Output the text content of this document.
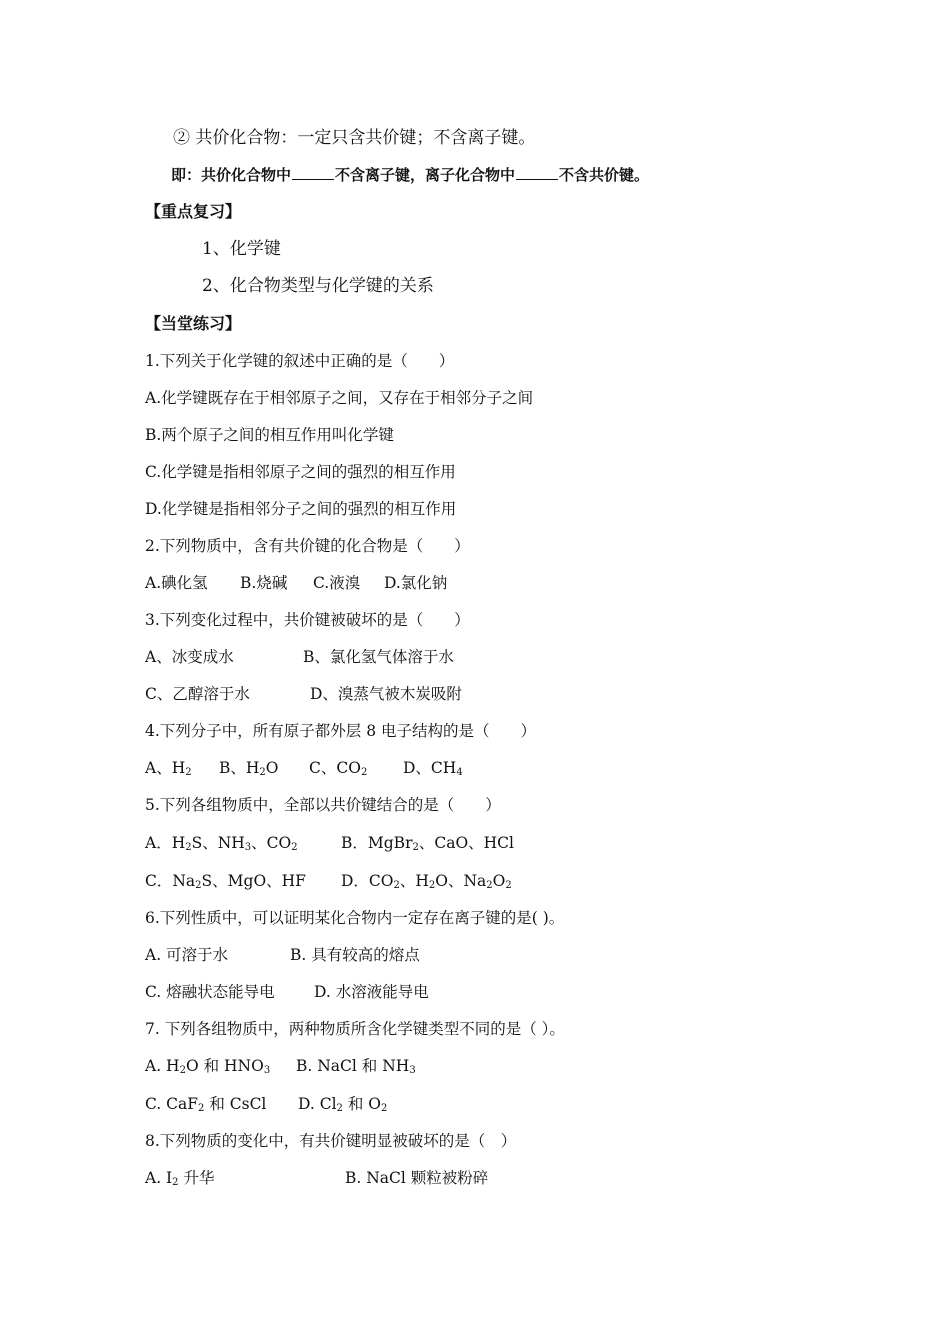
② 共价化合物：一定只含共价键；不含离子键。
即：共价化合物中	不含离子键，离子化合物中	不含共价键。
【重点复习】
1、化学键
2、化合物类型与化学键的关系
【当堂练习】
1.下列关于化学键的叙述中正确的是（　　）
A.化学键既存在于相邻原子之间，又存在于相邻分子之间
B.两个原子之间的相互作用叫化学键
C.化学键是指相邻原子之间的强烈的相互作用
D.化学键是指相邻分子之间的强烈的相互作用
2.下列物质中，含有共价键的化合物是（　　）
A.碘化氢 B.烧碱 C.液溴 D.氯化钠
3.下列变化过程中，共价键被破坏的是（　　）
A、冰变成水	B、氯化氢气体溶于水
C、乙醇溶于水	D、溴蒸气被木炭吸附
4.下列分子中，所有原子都外层 8 电子结构的是（　　）
A、$H_2$ B、$H_2O$ C、$CO_2$ D、$CH_4$
5.下列各组物质中，全部以共价键结合的是（　　）
A．$H_2S$、$NH_3$、$CO_2$	B．MgBr$_2$、CaO、HCl
C．$Na_2S$、MgO、HF D．$CO_2$、$H_2O$、$Na_2O_2$
6.下列性质中，可以证明某化合物内一定存在离子键的是( )。
A. 可溶于水	B. 具有较高的熔点
C. 熔融状态能导电	D. 水溶液能导电
7. 下列各组物质中，两种物质所含化学键类型不同的是（ ）。
A. $H_2O$ 和 $HNO_3$ B. NaCl 和 $NH_3$
C. CaF$_2$ 和 CsCl D. $Cl_2$ 和 $O_2$
8.下列物质的变化中，有共价键明显被破坏的是（　）
A. $I_2$ 升华	B. NaCl 颗粒被粉碎
